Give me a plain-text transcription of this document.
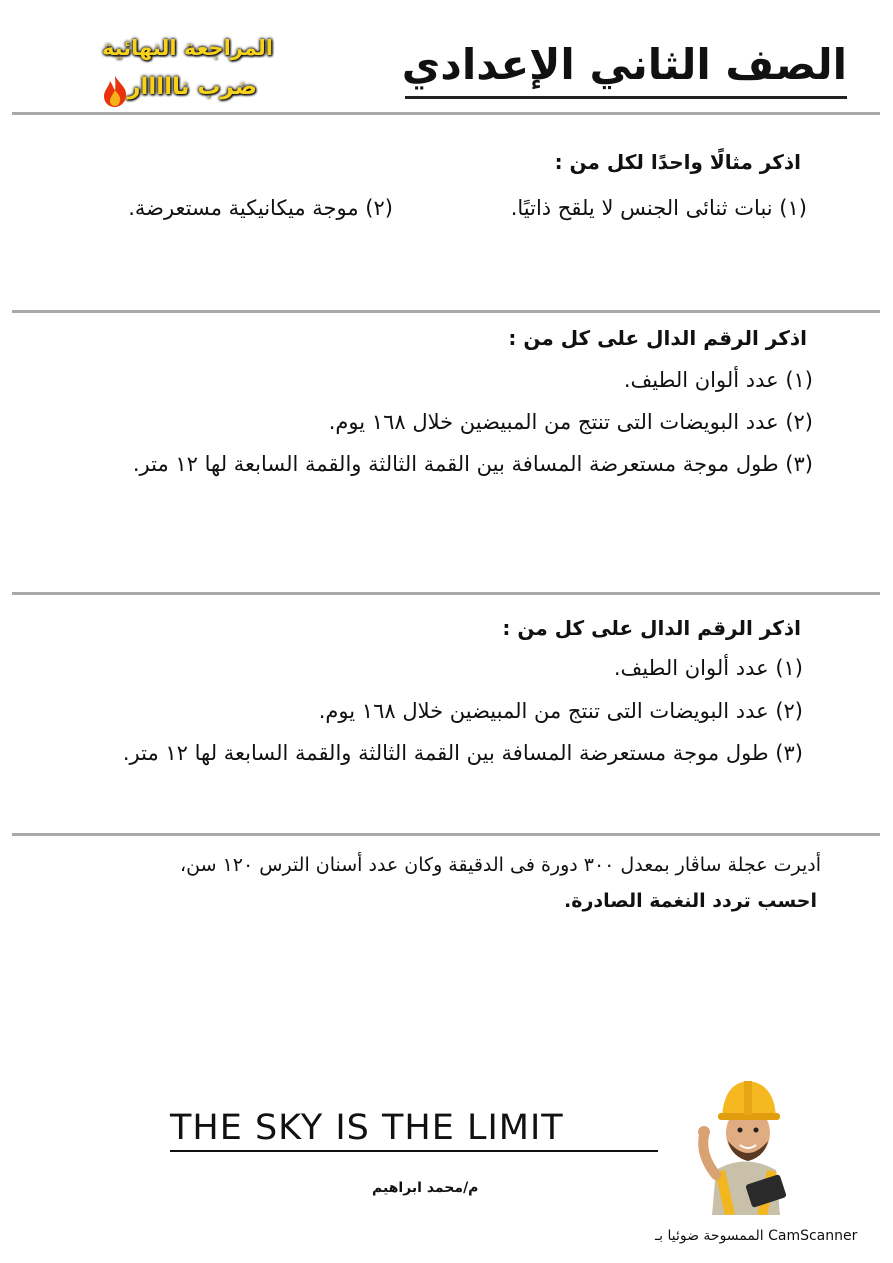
الصف الثاني الإعدادي
المراجعة النهائية
ضرب نااااار
اذكر مثالًا واحدًا لكل من :
(١) نبات ثنائى الجنس لا يلقح ذاتيًا.
(٢) موجة ميكانيكية مستعرضة.
اذكر الرقم الدال على كل من :
(١) عدد ألوان الطيف.
(٢) عدد البويضات التى تنتج من المبيضين خلال ١٦٨ يوم.
(٣) طول موجة مستعرضة المسافة بين القمة الثالثة والقمة السابعة لها ١٢ متر.
اذكر الرقم الدال على كل من :
(١) عدد ألوان الطيف.
(٢) عدد البويضات التى تنتج من المبيضين خلال ١٦٨ يوم.
(٣) طول موجة مستعرضة المسافة بين القمة الثالثة والقمة السابعة لها ١٢ متر.
أديرت عجلة ساڤار بمعدل ٣٠٠ دورة فى الدقيقة وكان عدد أسنان الترس ١٢٠ سن،
احسب تردد النغمة الصادرة.
THE SKY IS THE LIMIT
م/محمد ابراهيم
الممسوحة ضوئيا بـ CamScanner
